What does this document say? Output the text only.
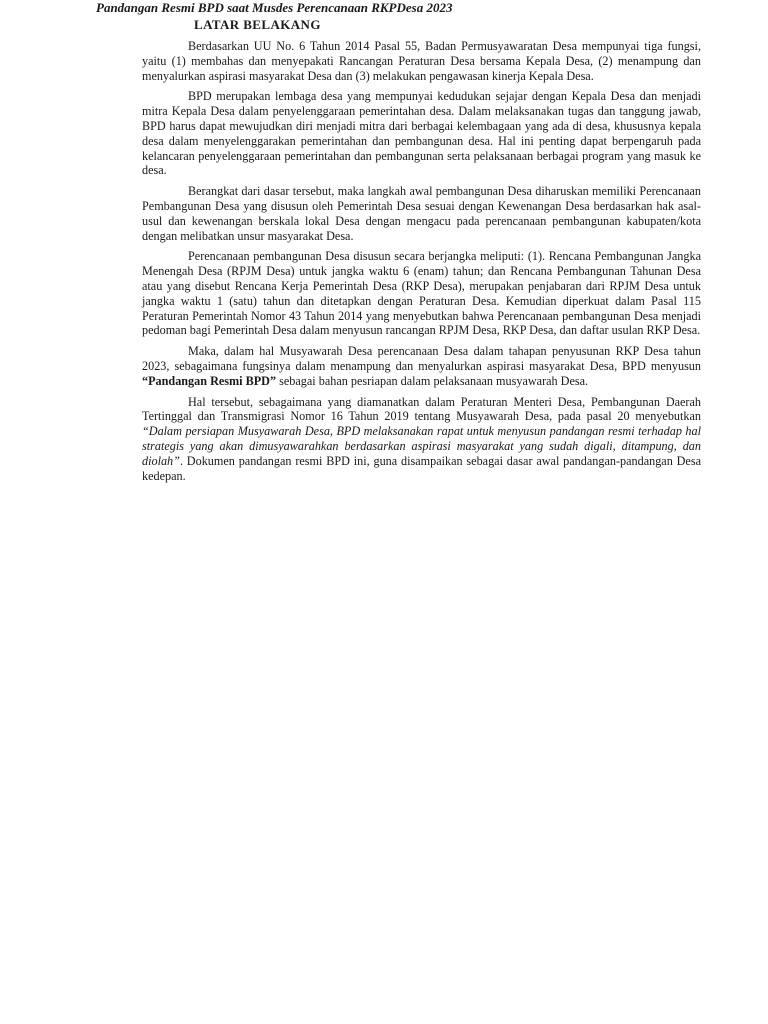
Pandangan Resmi BPD saat Musdes Perencanaan RKPDesa 2023
LATAR BELAKANG

Berdasarkan UU No. 6 Tahun 2014 Pasal 55, Badan Permusyawaratan Desa mempunyai tiga fungsi, yaitu (1) membahas dan menyepakati Rancangan Peraturan Desa bersama Kepala Desa, (2) menampung dan menyalurkan aspirasi masyarakat Desa dan (3) melakukan pengawasan kinerja Kepala Desa.

BPD merupakan lembaga desa yang mempunyai kedudukan sejajar dengan Kepala Desa dan menjadi mitra Kepala Desa dalam penyelenggaraan pemerintahan desa. Dalam melaksanakan tugas dan tanggung jawab, BPD harus dapat mewujudkan diri menjadi mitra dari berbagai kelembagaan yang ada di desa, khususnya kepala desa dalam menyelenggarakan pemerintahan dan pembangunan desa. Hal ini penting dapat berpengaruh pada kelancaran penyelenggaraan pemerintahan dan pembangunan serta pelaksanaan berbagai program yang masuk ke desa.

Berangkat dari dasar tersebut, maka langkah awal pembangunan Desa diharuskan memiliki Perencanaan Pembangunan Desa yang disusun oleh Pemerintah Desa sesuai dengan Kewenangan Desa berdasarkan hak asal-usul dan kewenangan berskala lokal Desa dengan mengacu pada perencanaan pembangunan kabupaten/kota dengan melibatkan unsur masyarakat Desa.

Perencanaan pembangunan Desa disusun secara berjangka meliputi: (1). Rencana Pembangunan Jangka Menengah Desa (RPJM Desa) untuk jangka waktu 6 (enam) tahun; dan Rencana Pembangunan Tahunan Desa atau yang disebut Rencana Kerja Pemerintah Desa (RKP Desa), merupakan penjabaran dari RPJM Desa untuk jangka waktu 1 (satu) tahun dan ditetapkan dengan Peraturan Desa. Kemudian diperkuat dalam Pasal 115 Peraturan Pemerintah Nomor 43 Tahun 2014 yang menyebutkan bahwa Perencanaan pembangunan Desa menjadi pedoman bagi Pemerintah Desa dalam menyusun rancangan RPJM Desa, RKP Desa, dan daftar usulan RKP Desa.

Maka, dalam hal Musyawarah Desa perencanaan Desa dalam tahapan penyusunan RKP Desa tahun 2023, sebagaimana fungsinya dalam menampung dan menyalurkan aspirasi masyarakat Desa, BPD menyusun “Pandangan Resmi BPD” sebagai bahan pesriapan dalam pelaksanaan musyawarah Desa.

Hal tersebut, sebagaimana yang diamanatkan dalam Peraturan Menteri Desa, Pembangunan Daerah Tertinggal dan Transmigrasi Nomor 16 Tahun 2019 tentang Musyawarah Desa, pada pasal 20 menyebutkan “Dalam persiapan Musyawarah Desa, BPD melaksanakan rapat untuk menyusun pandangan resmi terhadap hal strategis yang akan dimusyawarahkan berdasarkan aspirasi masyarakat yang sudah digali, ditampung, dan diolah”. Dokumen pandangan resmi BPD ini, guna disampaikan sebagai dasar awal pandangan-pandangan Desa kedepan.
